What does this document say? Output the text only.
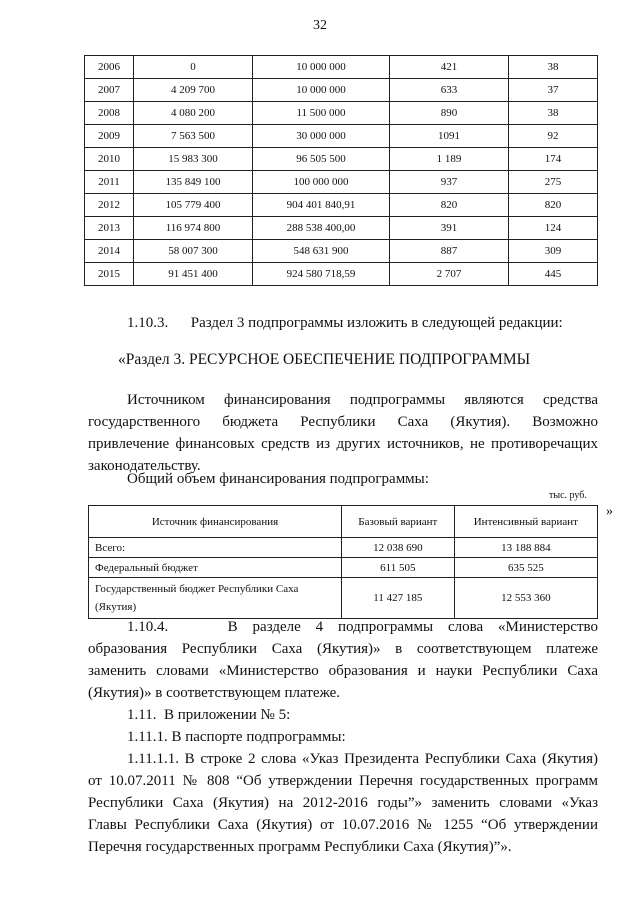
32
2006	0	10 000 000	421	38
2007	4 209 700	10 000 000	633	37
2008	4 080 200	11 500 000	890	38
2009	7 563 500	30 000 000	1091	92
2010	15 983 300	96 505 500	1 189	174
2011	135 849 100	100 000 000	937	275
2012	105 779 400	904 401 840,91	820	820
2013	116 974 800	288 538 400,00	391	124
2014	58 007 300	548 631 900	887	309
2015	91 451 400	924 580 718,59	2 707	445
1.10.3.      Раздел 3 подпрограммы изложить в следующей редакции:
«Раздел 3. РЕСУРСНОЕ ОБЕСПЕЧЕНИЕ ПОДПРОГРАММЫ
Источником финансирования подпрограммы являются средства
государственного бюджета Республики Саха (Якутия). Возможно
привлечение финансовых средств из других источников, не противоречащих
законодательству.
Общий объем финансирования подпрограммы:
тыс. руб.
Источник финансирования	Базовый вариант	Интенсивный вариант
Всего:	12 038 690	13 188 884
Федеральный бюджет	611 505	635 525
Государственный бюджет Республики Саха (Якутия)	11 427 185	12 553 360
»
1.10.4.    В разделе 4 подпрограммы слова «Министерство
образования Республики Саха (Якутия)» в соответствующем платеже
заменить словами «Министерство образования и науки Республики Саха
(Якутия)» в соответствующем платеже.
1.11.  В приложении № 5:
1.11.1. В паспорте подпрограммы:
1.11.1.1. В строке 2 слова «Указ Президента Республики Саха (Якутия)
от 10.07.2011 № 808 “Об утверждении Перечня государственных программ
Республики Саха (Якутия) на 2012-2016 годы”» заменить словами «Указ
Главы Республики Саха (Якутия) от 10.07.2016 № 1255 “Об утверждении
Перечня государственных программ Республики Саха (Якутия)”».
